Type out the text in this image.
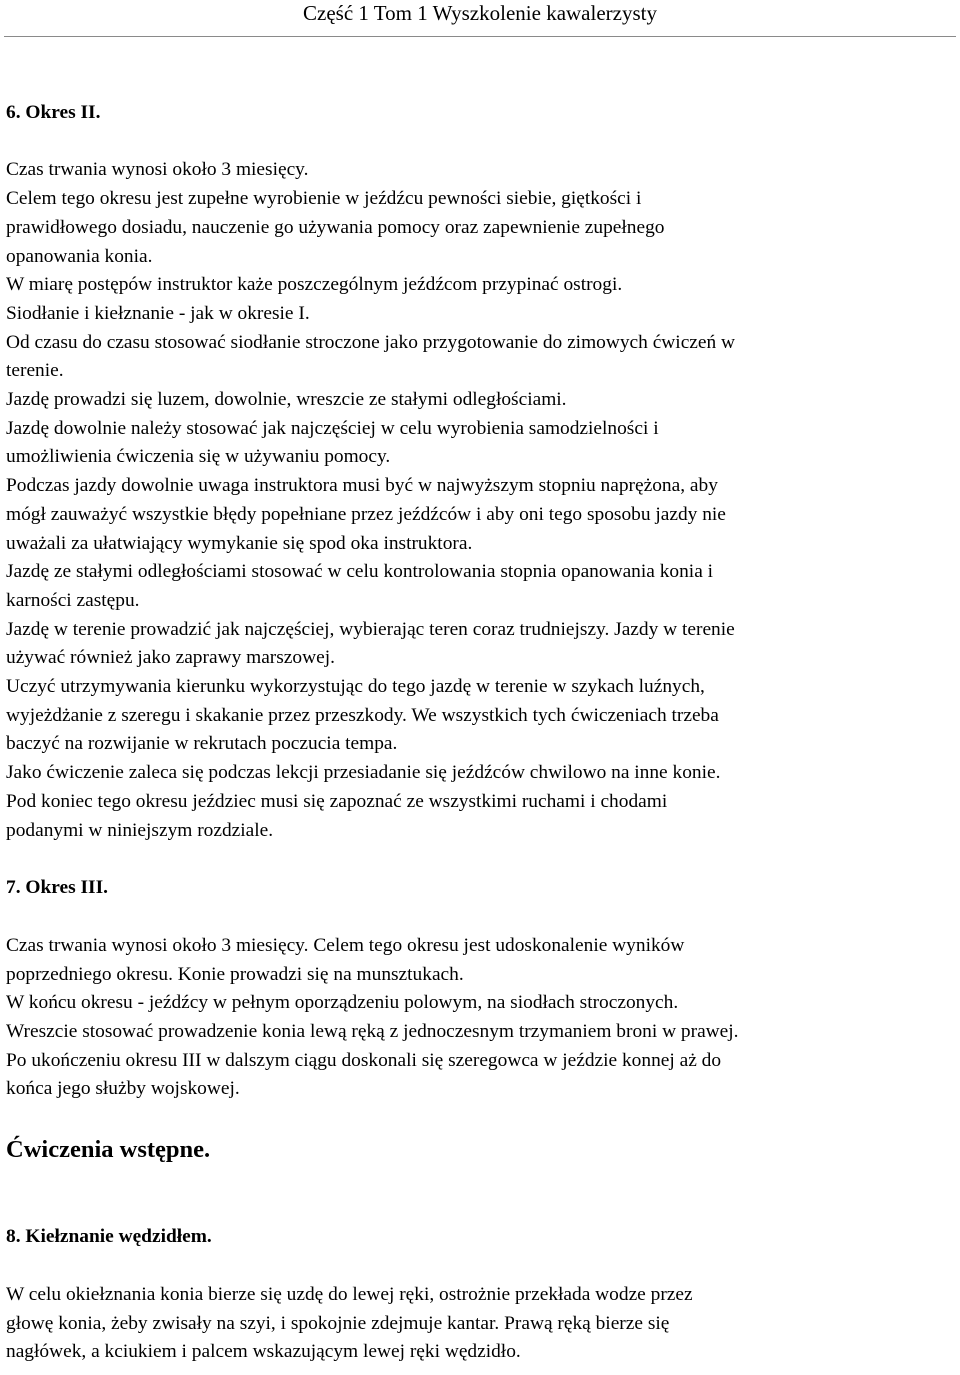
Część 1 Tom 1 Wyszkolenie kawalerzysty
6. Okres II.
Czas trwania wynosi około 3 miesięcy.
Celem tego okresu jest zupełne wyrobienie w jeźdźcu pewności siebie, giętkości i
prawidłowego dosiadu, nauczenie go używania pomocy oraz zapewnienie zupełnego
opanowania konia.
W miarę postępów instruktor każe poszczególnym jeźdźcom przypinać ostrogi.
Siodłanie i kiełznanie - jak w okresie I.
Od czasu do czasu stosować siodłanie stroczone jako przygotowanie do zimowych ćwiczeń w
terenie.
Jazdę prowadzi się luzem, dowolnie, wreszcie ze stałymi odległościami.
Jazdę dowolnie należy stosować jak najczęściej w celu wyrobienia samodzielności i
umożliwienia ćwiczenia się w używaniu pomocy.
Podczas jazdy dowolnie uwaga instruktora musi być w najwyższym stopniu naprężona, aby
mógł zauważyć wszystkie błędy popełniane przez jeźdźców i aby oni tego sposobu jazdy nie
uważali za ułatwiający wymykanie się spod oka instruktora.
Jazdę ze stałymi odległościami stosować w celu kontrolowania stopnia opanowania konia i
karności zastępu.
Jazdę w terenie prowadzić jak najczęściej, wybierając teren coraz trudniejszy. Jazdy w terenie
używać również jako zaprawy marszowej.
Uczyć utrzymywania kierunku wykorzystując do tego jazdę w terenie w szykach luźnych,
wyjeżdżanie z szeregu i skakanie przez przeszkody. We wszystkich tych ćwiczeniach trzeba
baczyć na rozwijanie w rekrutach poczucia tempa.
Jako ćwiczenie zaleca się podczas lekcji przesiadanie się jeźdźców chwilowo na inne konie.
Pod koniec tego okresu jeździec musi się zapoznać ze wszystkimi ruchami i chodami
podanymi w niniejszym rozdziale.
7. Okres III.
Czas trwania wynosi około 3 miesięcy. Celem tego okresu jest udoskonalenie wyników
poprzedniego okresu. Konie prowadzi się na munsztukach.
W końcu okresu - jeźdźcy w pełnym oporządzeniu polowym, na siodłach stroczonych.
Wreszcie stosować prowadzenie konia lewą ręką z jednoczesnym trzymaniem broni w prawej.
Po ukończeniu okresu III w dalszym ciągu doskonali się szeregowca w jeździe konnej aż do
końca jego służby wojskowej.
Ćwiczenia wstępne.
8. Kiełznanie wędzidłem.
W celu okiełznania konia bierze się uzdę do lewej ręki, ostrożnie przekłada wodze przez
głowę konia, żeby zwisały na szyi, i spokojnie zdejmuje kantar. Prawą ręką bierze się
nagłówek, a kciukiem i palcem wskazującym lewej ręki wędzidło.
